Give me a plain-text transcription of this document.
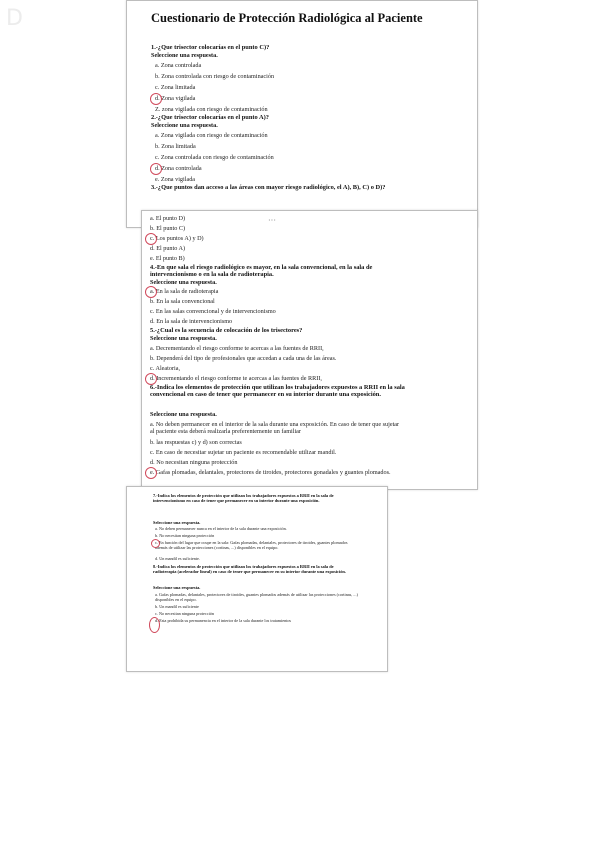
D	Cuestionario de Protección Radiológica al Paciente
1.-¿Que trisector colocarías en el punto C)?
Seleccione una respuesta.
a. Zona controlada
b. Zona controlada con riesgo de contaminación
c. Zona limitada
d. Zona vigilada
Z. zona vigilada con riesgo de contaminación
2.-¿Que trisector colocarías en el punto A)?
Seleccione una respuesta.
a. Zona vigilada con riesgo de contaminación
b. Zona limitada
c. Zona controlada con riesgo de contaminación
d. Zona controlada
e. Zona vigilada
3.-¿Que puntos dan acceso a las áreas con mayor riesgo radiológico, el A), B), C) o D)?
···
a. El punto D)
b. El punto C)
c. Los puntos A) y D)
d. El punto A)
e. El punto B)
4.-En que sala el riesgo radiológico es mayor, en la sala convencional, en la sala de intervencionismo o en la sala de radioterapia.
Seleccione una respuesta.
a. En la sala de radioterapia
b. En la sala convencional
c. En las salas convencional y de intervencionismo
d. En la sala de intervencionismo
5.-¿Cual es la secuencia de colocación de los trisectores?
Seleccione una respuesta.
a. Decrementando el riesgo conforme te acercas a las fuentes de RRII,
b. Dependerá del tipo de profesionales que accedan a cada una de las áreas.
c. Aleatoria,
d. Incrementando el riesgo conforme te acercas a las fuentes de RRII,
6.-Indica los elementos de protección que utilizan los trabajadores expuestos a RRII en la sala convencional en caso de tener que permanecer en su interior durante una exposición.
Seleccione una respuesta.
a. No deben permanecer en el interior de la sala durante una exposición. En caso de tener que sujetar al paciente esta deberá realizarla preferentemente un familiar
b. las respuestas c) y d) son correctas
c. En caso de necesitar sujetar un paciente es recomendable utilizar mandil.
d. No necesitan ninguna protección
e. Gafas plomadas, delantales, protectores de tiroides, protectores gonadales y guantes plomados.
7.-Indica los elementos de protección que utilizan los trabajadores expuestos a RRII en la sala de intervencionismo en caso de tener que permanecer en su interior durante una exposición.
Seleccione una respuesta.
a. No deben permanecer nunca en el interior de la sala durante una exposición.
b. No necesitan ninguna protección
c. En función del lugar que ocupe en la sala: Gafas plomadas, delantales, protectores de tiroides, guantes plomados además de utilizar las protecciones (cortinas, ...) disponibles en el equipo.
d. Un mandil es suficiente.
8.-Indica los elementos de protección que utilizan los trabajadores expuestos a RRII en la sala de radioterapia (acelerador lineal) en caso de tener que permanecer en su interior durante una exposición.
Seleccione una respuesta.
a. Gafas plomadas, delantales, protectores de tiroides, guantes plomados además de utilizar las protecciones (cortinas, ...) disponibles en el equipo.
b. Un mandil es suficiente
c. No necesitan ninguna protección
d. Esta prohibida su permanencia en el interior de la sala durante los tratamientos
